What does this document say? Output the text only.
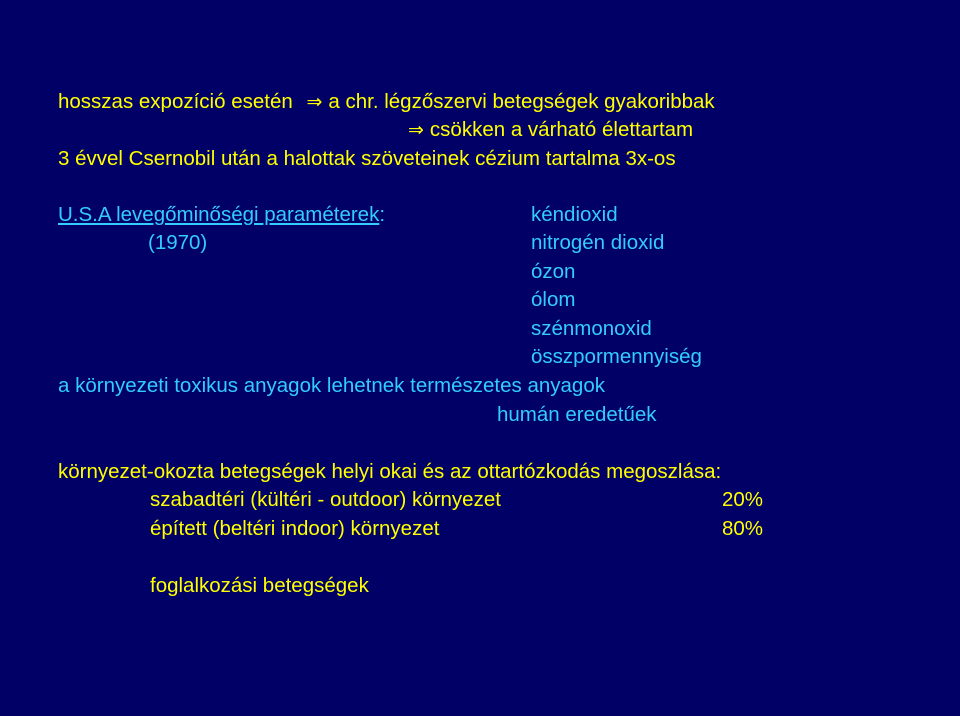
hosszas expozíció esetén ⇒ a chr. légzőszervi betegségek gyakoribbak
⇒ csökken a várható élettartam
3 évvel Csernobil után a halottak szöveteinek cézium tartalma 3x-os
U.S.A levegőminőségi paraméterek:
(1970)
kéndioxid
nitrogén dioxid
ózon
ólom
szénmonoxid
összpormennyiség
a környezeti toxikus anyagok lehetnek természetes anyagok
humán eredetűek
környezet-okozta betegségek helyi okai és az ottartózkodás megoszlása:
szabadtéri (kültéri - outdoor) környezet	20%
épített (beltéri indoor) környezet	80%
foglalkozási betegségek
